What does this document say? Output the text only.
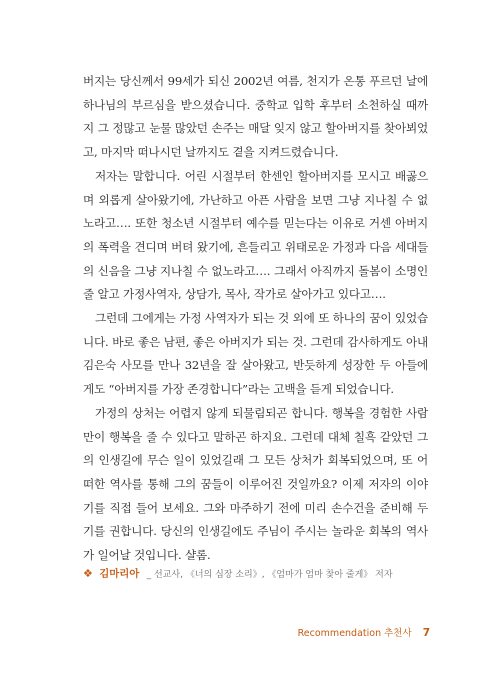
버지는 당신께서 99세가 되신 2002년 여름, 천지가 온통 푸르던 날에 하나님의 부르심을 받으셨습니다. 중학교 입학 후부터 소천하실 때까지 그 정많고 눈물 많았던 손주는 매달 잊지 않고 할아버지를 찾아뵈었고, 마지막 떠나시던 날까지도 곁을 지켜드렸습니다.

저자는 말합니다. 어린 시절부터 한센인 할아버지를 모시고 배곯으며 외롭게 살아왔기에, 가난하고 아픈 사람을 보면 그냥 지나칠 수 없노라고…. 또한 청소년 시절부터 예수를 믿는다는 이유로 거센 아버지의 폭력을 견디며 버텨 왔기에, 흔들리고 위태로운 가정과 다음 세대들의 신음을 그냥 지나칠 수 없노라고…. 그래서 아직까지 돌봄이 소명인 줄 알고 가정사역자, 상담가, 목사, 작가로 살아가고 있다고….

그런데 그에게는 가정 사역자가 되는 것 외에 또 하나의 꿈이 있었습니다. 바로 좋은 남편, 좋은 아버지가 되는 것. 그런데 감사하게도 아내 김은숙 사모를 만나 32년을 잘 살아왔고, 반듯하게 성장한 두 아들에게도 “아버지를 가장 존경합니다”라는 고백을 듣게 되었습니다.

가정의 상처는 어렵지 않게 되물림되곤 합니다. 행복을 경험한 사람만이 행복을 줄 수 있다고 말하곤 하지요. 그런데 대체 칠흑 같았던 그의 인생길에 무슨 일이 있었길래 그 모든 상처가 회복되었으며, 또 어떠한 역사를 통해 그의 꿈들이 이루어진 것일까요? 이제 저자의 이야기를 직접 들어 보세요. 그와 마주하기 전에 미리 손수건을 준비해 두기를 권합니다. 당신의 인생길에도 주님이 주시는 놀라운 회복의 역사가 일어날 것입니다. 샬롬.

❖ 김마리아 _ 선교사, 《너의 심장 소리》, 《엄마가 엄마 찾아 줄게》 저자
Recommendation 추천사 7
